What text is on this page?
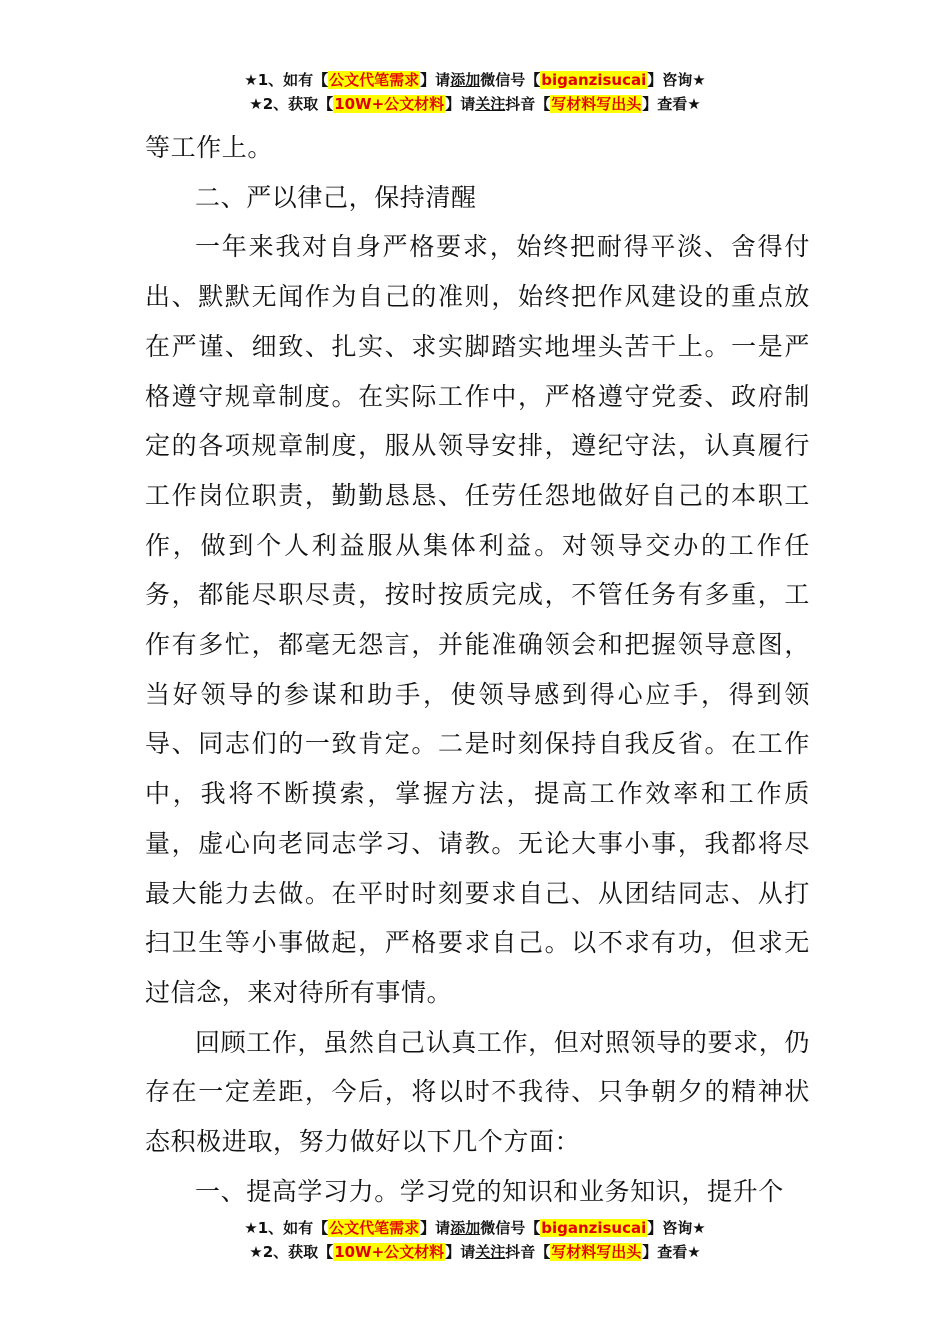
★1、如有【公文代笔需求】请添加微信号【biganzisucai】咨询★
★2、获取【10W+公文材料】请关注抖音【写材料写出头】查看★

等工作上。

二、严以律己，保持清醒

一年来我对自身严格要求，始终把耐得平淡、舍得付出、默默无闻作为自己的准则，始终把作风建设的重点放在严谨、细致、扎实、求实脚踏实地埋头苦干上。一是严格遵守规章制度。在实际工作中，严格遵守党委、政府制定的各项规章制度，服从领导安排，遵纪守法，认真履行工作岗位职责，勤勤恳恳、任劳任怨地做好自己的本职工作，做到个人利益服从集体利益。对领导交办的工作任务，都能尽职尽责，按时按质完成，不管任务有多重，工作有多忙，都毫无怨言，并能准确领会和把握领导意图，当好领导的参谋和助手，使领导感到得心应手，得到领导、同志们的一致肯定。二是时刻保持自我反省。在工作中，我将不断摸索，掌握方法，提高工作效率和工作质量，虚心向老同志学习、请教。无论大事小事，我都将尽最大能力去做。在平时时刻要求自己、从团结同志、从打扫卫生等小事做起，严格要求自己。以不求有功，但求无过信念，来对待所有事情。

回顾工作，虽然自己认真工作，但对照领导的要求，仍存在一定差距，今后，将以时不我待、只争朝夕的精神状态积极进取，努力做好以下几个方面：

一、提高学习力。学习党的知识和业务知识，提升个

★1、如有【公文代笔需求】请添加微信号【biganzisucai】咨询★
★2、获取【10W+公文材料】请关注抖音【写材料写出头】查看★
